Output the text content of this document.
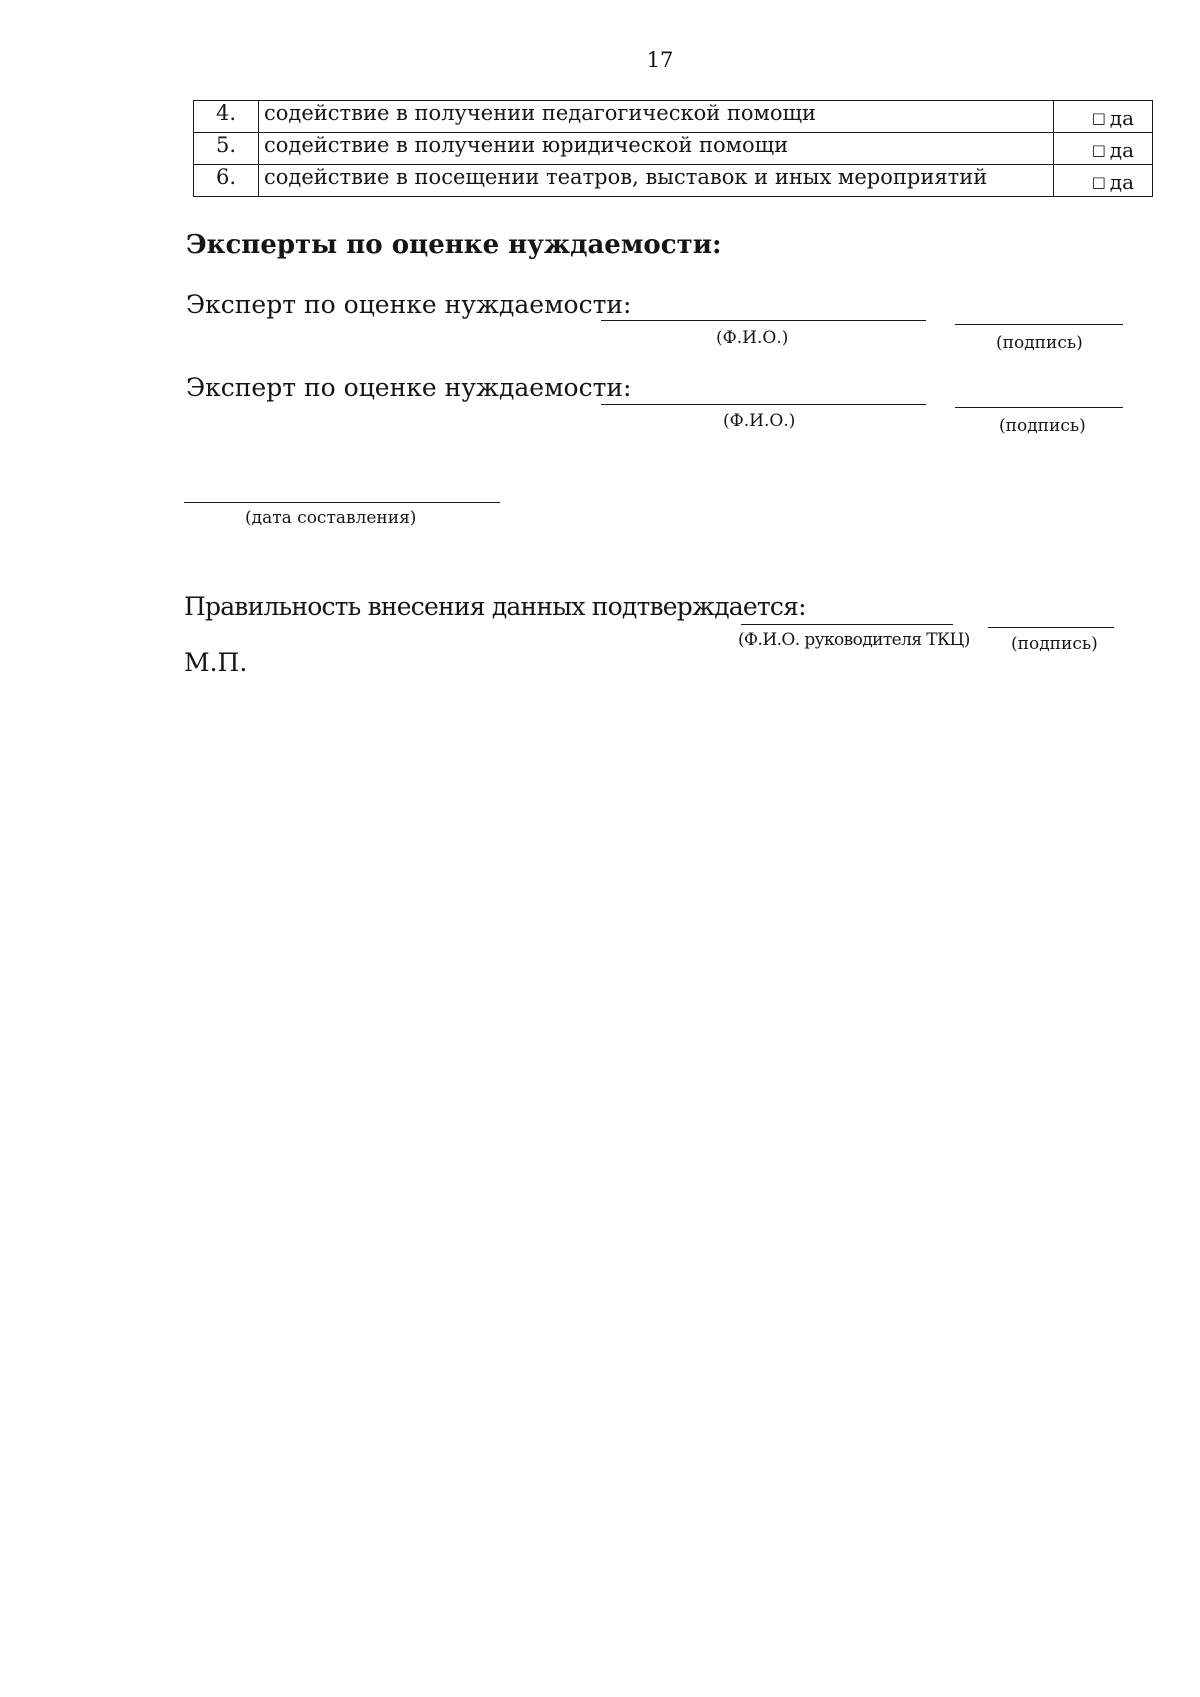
17
4.	содействие в получении педагогической помощи	□ да
5.	содействие в получении юридической помощи	□ да
6.	содействие в посещении театров, выставок и иных мероприятий	□ да
Эксперты по оценке нуждаемости:
Эксперт по оценке нуждаемости:
(Ф.И.О.)	(подпись)
Эксперт по оценке нуждаемости:
(Ф.И.О.)	(подпись)
(дата составления)
Правильность внесения данных подтверждается:
(Ф.И.О. руководителя ТКЦ) (подпись)
М.П.
